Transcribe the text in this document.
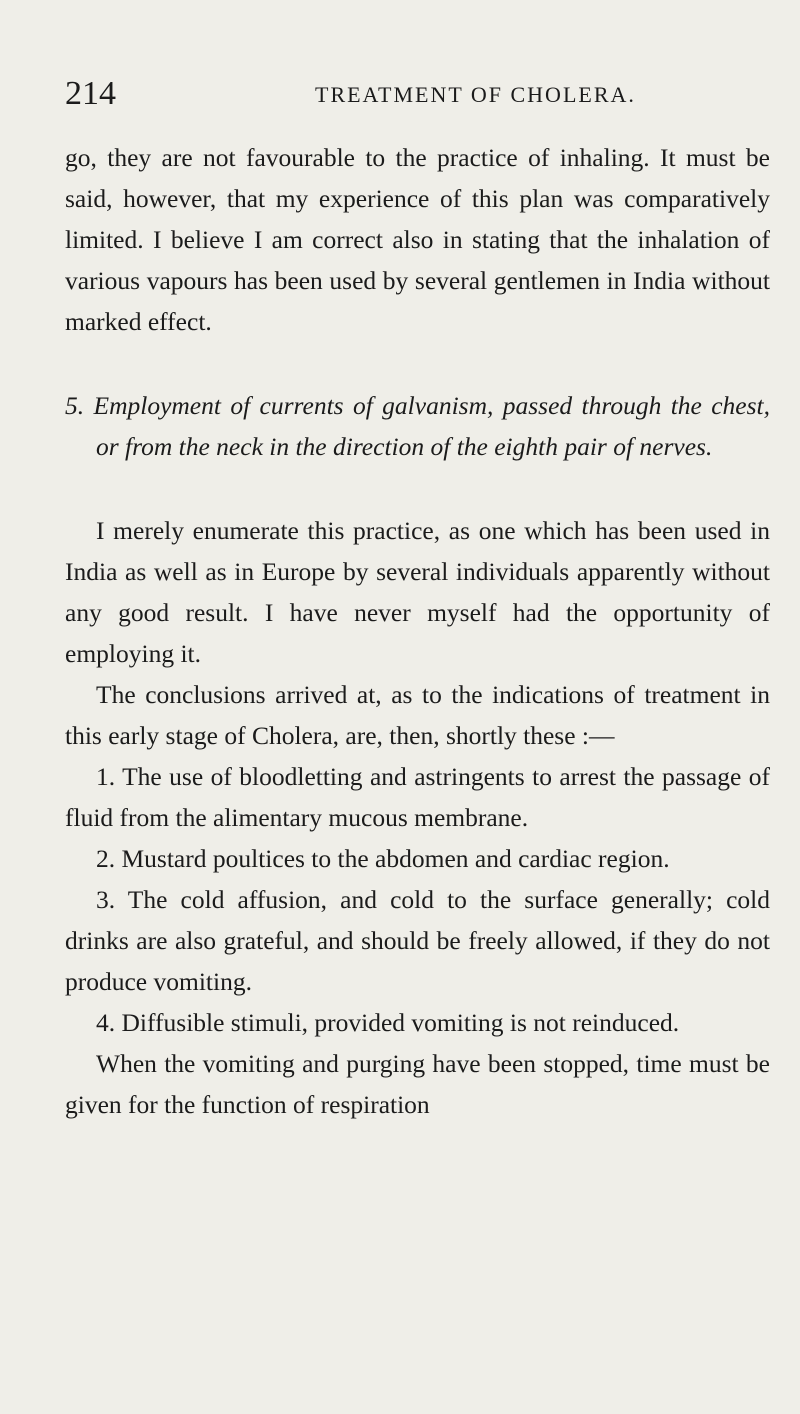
214	TREATMENT OF CHOLERA.

go, they are not favourable to the practice of inhaling. It must be said, however, that my experience of this plan was comparatively limited. I believe I am correct also in stating that the inhalation of various vapours has been used by several gentlemen in India without marked effect.

5. Employment of currents of galvanism, passed through the chest, or from the neck in the direction of the eighth pair of nerves.

I merely enumerate this practice, as one which has been used in India as well as in Europe by several individuals apparently without any good result. I have never myself had the opportunity of employing it.

The conclusions arrived at, as to the indications of treatment in this early stage of Cholera, are, then, shortly these :—

1. The use of bloodletting and astringents to arrest the passage of fluid from the alimentary mucous membrane.

2. Mustard poultices to the abdomen and cardiac region.

3. The cold affusion, and cold to the surface generally; cold drinks are also grateful, and should be freely allowed, if they do not produce vomiting.

4. Diffusible stimuli, provided vomiting is not reinduced.

When the vomiting and purging have been stopped, time must be given for the function of respiration
